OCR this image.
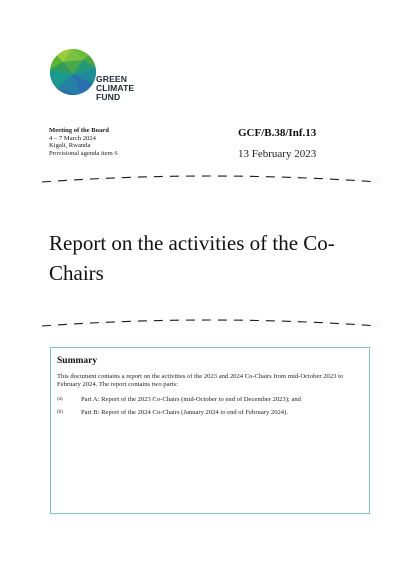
GREEN
CLIMATE
FUND
Meeting of the Board
4 – 7 March 2024
Kigali, Rwanda
Provisional agenda item 6
GCF/B.38/Inf.13
13 February 2023
Report on the activities of the Co-Chairs
Summary

This document contains a report on the activities of the 2023 and 2024 Co-Chairs from mid-October 2023 to February 2024. The report contains two parts:

(a)	Part A: Report of the 2023 Co-Chairs (mid-October to end of December 2023); and
(b)	Part B: Report of the 2024 Co-Chairs (January 2024 to end of February 2024).
